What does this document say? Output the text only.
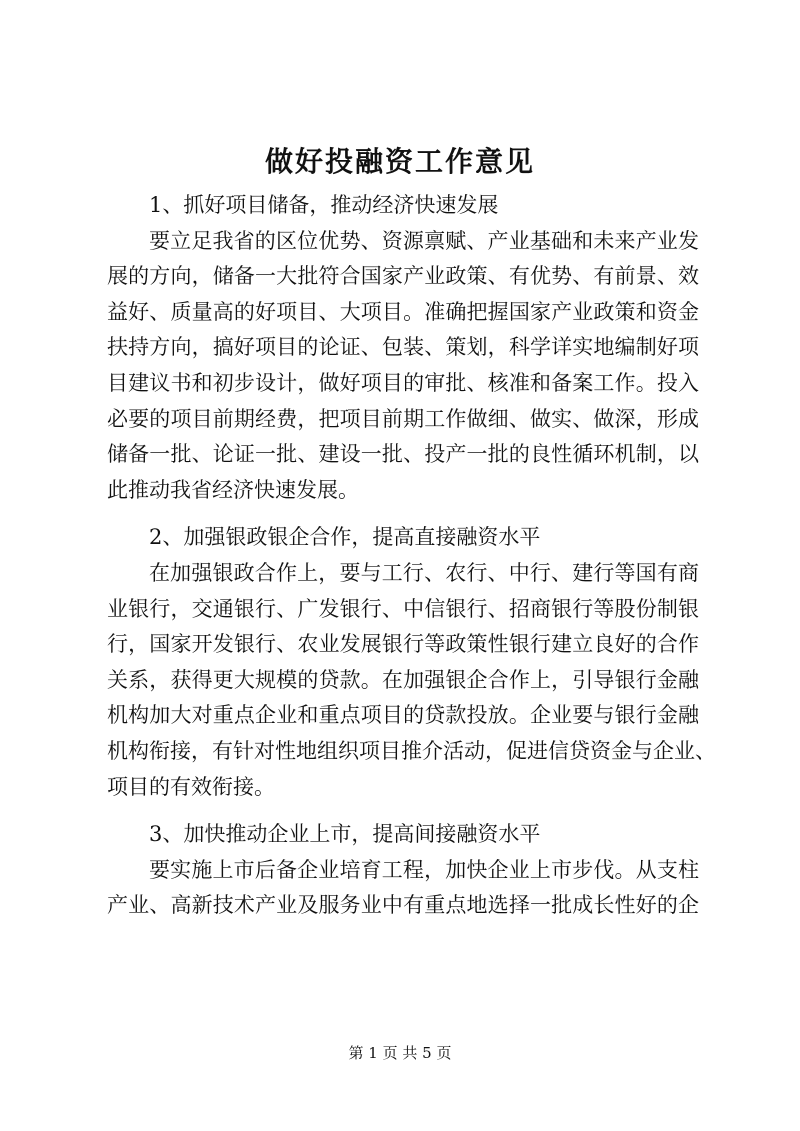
做好投融资工作意见
1、抓好项目储备，推动经济快速发展
要立足我省的区位优势、资源禀赋、产业基础和未来产业发
展的方向，储备一大批符合国家产业政策、有优势、有前景、效
益好、质量高的好项目、大项目。准确把握国家产业政策和资金
扶持方向，搞好项目的论证、包装、策划，科学详实地编制好项
目建议书和初步设计，做好项目的审批、核准和备案工作。投入
必要的项目前期经费，把项目前期工作做细、做实、做深，形成
储备一批、论证一批、建设一批、投产一批的良性循环机制，以
此推动我省经济快速发展。
2、加强银政银企合作，提高直接融资水平
在加强银政合作上，要与工行、农行、中行、建行等国有商
业银行，交通银行、广发银行、中信银行、招商银行等股份制银
行，国家开发银行、农业发展银行等政策性银行建立良好的合作
关系，获得更大规模的贷款。在加强银企合作上，引导银行金融
机构加大对重点企业和重点项目的贷款投放。企业要与银行金融
机构衔接，有针对性地组织项目推介活动，促进信贷资金与企业、
项目的有效衔接。
3、加快推动企业上市，提高间接融资水平
要实施上市后备企业培育工程，加快企业上市步伐。从支柱
产业、高新技术产业及服务业中有重点地选择一批成长性好的企
第 1 页 共 5 页
